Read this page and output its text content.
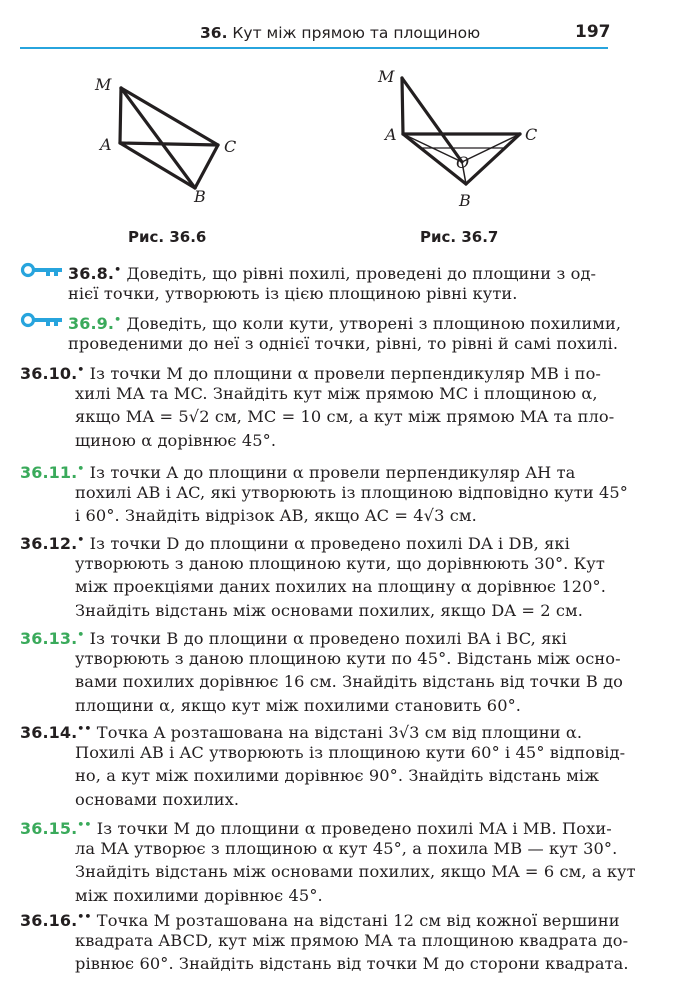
36. Кут між прямою та площиною	197
M
A	C
B
Рис. 36.6
M
A	C
O
B
Рис. 36.7
36.8.• Доведіть, що рівні похилі, проведені до площини з од-
нієї точки, утворюють із цією площиною рівні кути.
36.9.• Доведіть, що коли кути, утворені з площиною похилими,
проведеними до неї з однієї точки, рівні, то рівні й самі похилі.
36.10.• Із точки M до площини α провели перпендикуляр MB і по-
хилі MA та MC. Знайдіть кут між прямою MC і площиною α,
якщо MA = 5√2 см, MC = 10 см, а кут між прямою MA та пло-
щиною α дорівнює 45°.
36.11.• Із точки A до площини α провели перпендикуляр AH та
похилі AB і AC, які утворюють із площиною відповідно кути 45°
і 60°. Знайдіть відрізок AB, якщо AC = 4√3 см.
36.12.• Із точки D до площини α проведено похилі DA і DB, які
утворюють з даною площиною кути, що дорівнюють 30°. Кут
між проекціями даних похилих на площину α дорівнює 120°.
Знайдіть відстань між основами похилих, якщо DA = 2 см.
36.13.• Із точки B до площини α проведено похилі BA і BC, які
утворюють з даною площиною кути по 45°. Відстань між осно-
вами похилих дорівнює 16 см. Знайдіть відстань від точки B до
площини α, якщо кут між похилими становить 60°.
36.14.•• Точка A розташована на відстані 3√3 см від площини α.
Похилі AB і AC утворюють із площиною кути 60° і 45° відповід-
но, а кут між похилими дорівнює 90°. Знайдіть відстань між
основами похилих.
36.15.•• Із точки M до площини α проведено похилі MA і MB. Похи-
ла MA утворює з площиною α кут 45°, а похила MB — кут 30°.
Знайдіть відстань між основами похилих, якщо MA = 6 см, а кут
між похилими дорівнює 45°.
36.16.•• Точка M розташована на відстані 12 см від кожної вершини
квадрата ABCD, кут між прямою MA та площиною квадрата до-
рівнює 60°. Знайдіть відстань від точки M до сторони квадрата.
